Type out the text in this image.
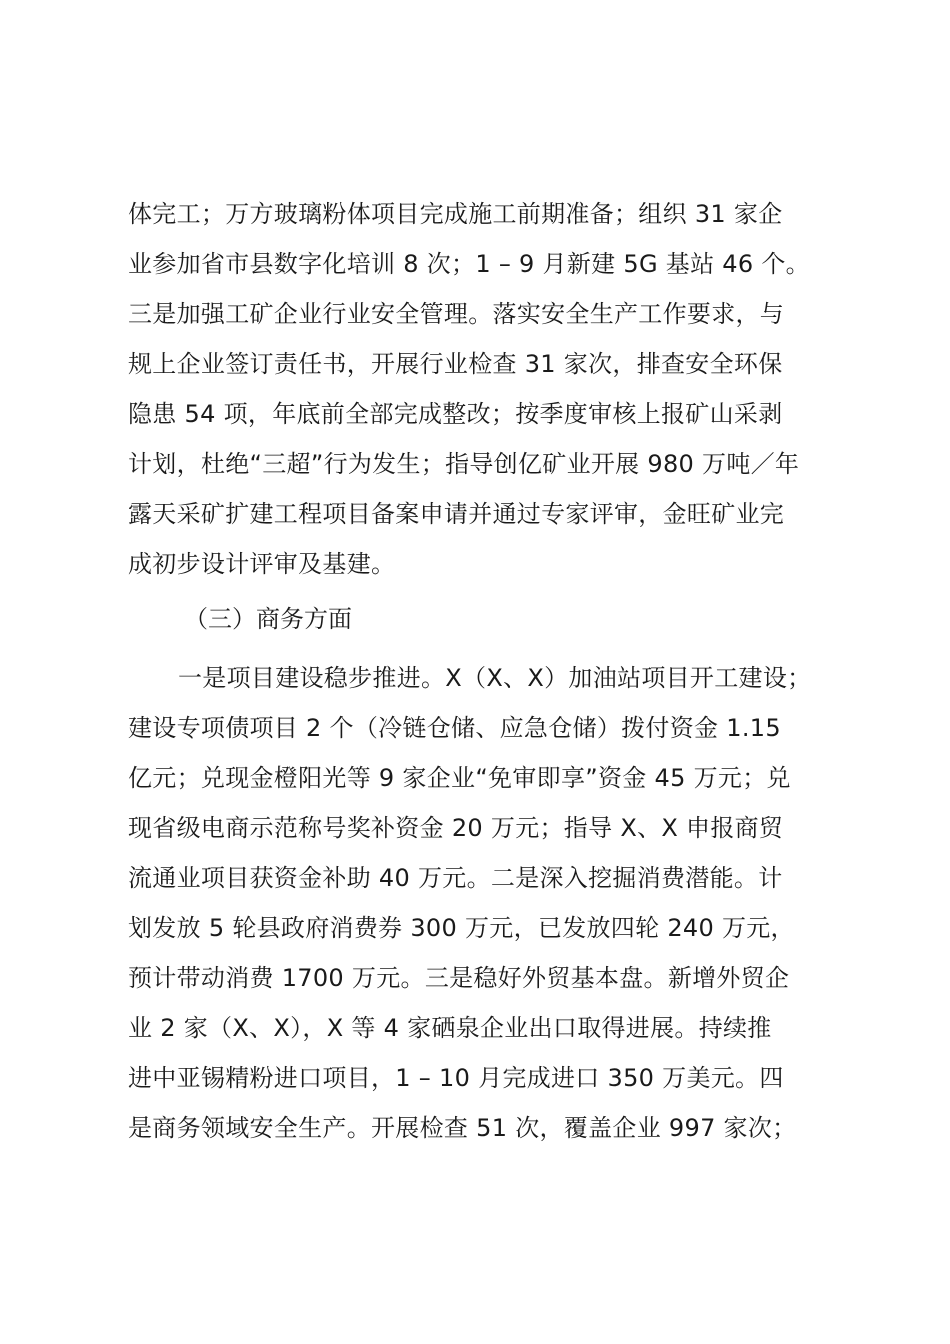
体完工；万方玻璃粉体项目完成施工前期准备；组织 31 家企
业参加省市县数字化培训 8 次；1 – 9 月新建 5G 基站 46 个。
三是加强工矿企业行业安全管理。落实安全生产工作要求，与
规上企业签订责任书，开展行业检查 31 家次，排查安全环保
隐患 54 项，年底前全部完成整改；按季度审核上报矿山采剥
计划，杜绝“三超”行为发生；指导创亿矿业开展 980 万吨／年
露天采矿扩建工程项目备案申请并通过专家评审，金旺矿业完
成初步设计评审及基建。
（三）商务方面
一是项目建设稳步推进。X（X、X）加油站项目开工建设；
建设专项债项目 2 个（冷链仓储、应急仓储）拨付资金 1.15
亿元；兑现金橙阳光等 9 家企业“免审即享”资金 45 万元；兑
现省级电商示范称号奖补资金 20 万元；指导 X、X 申报商贸
流通业项目获资金补助 40 万元。二是深入挖掘消费潜能。计
划发放 5 轮县政府消费券 300 万元，已发放四轮 240 万元，
预计带动消费 1700 万元。三是稳好外贸基本盘。新增外贸企
业 2 家（X、X），X 等 4 家硒泉企业出口取得进展。持续推
进中亚锡精粉进口项目，1 – 10 月完成进口 350 万美元。四
是商务领域安全生产。开展检查 51 次，覆盖企业 997 家次；
